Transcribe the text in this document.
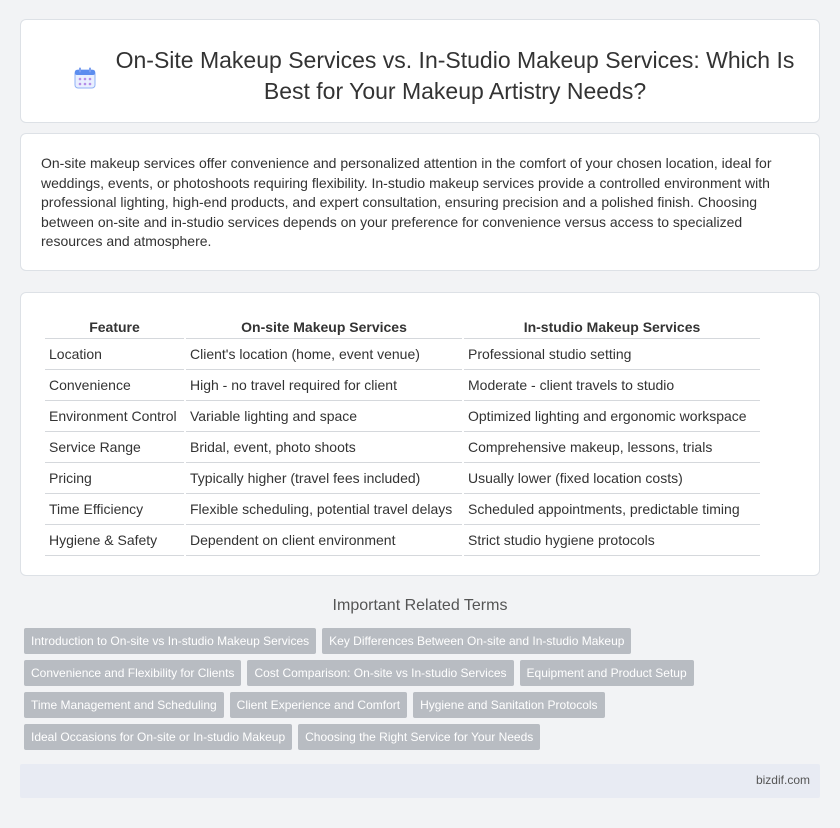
On-Site Makeup Services vs. In-Studio Makeup Services: Which Is Best for Your Makeup Artistry Needs?

On-site makeup services offer convenience and personalized attention in the comfort of your chosen location, ideal for weddings, events, or photoshoots requiring flexibility. In-studio makeup services provide a controlled environment with professional lighting, high-end products, and expert consultation, ensuring precision and a polished finish. Choosing between on-site and in-studio services depends on your preference for convenience versus access to specialized resources and atmosphere.

Feature	On-site Makeup Services	In-studio Makeup Services
Location	Client's location (home, event venue)	Professional studio setting
Convenience	High - no travel required for client	Moderate - client travels to studio
Environment Control	Variable lighting and space	Optimized lighting and ergonomic workspace
Service Range	Bridal, event, photo shoots	Comprehensive makeup, lessons, trials
Pricing	Typically higher (travel fees included)	Usually lower (fixed location costs)
Time Efficiency	Flexible scheduling, potential travel delays	Scheduled appointments, predictable timing
Hygiene & Safety	Dependent on client environment	Strict studio hygiene protocols
Important Related Terms
Introduction to On-site vs In-studio Makeup Services	Key Differences Between On-site and In-studio Makeup
Convenience and Flexibility for Clients	Cost Comparison: On-site vs In-studio Services	Equipment and Product Setup
Time Management and Scheduling	Client Experience and Comfort	Hygiene and Sanitation Protocols
Ideal Occasions for On-site or In-studio Makeup	Choosing the Right Service for Your Needs
bizdif.com
